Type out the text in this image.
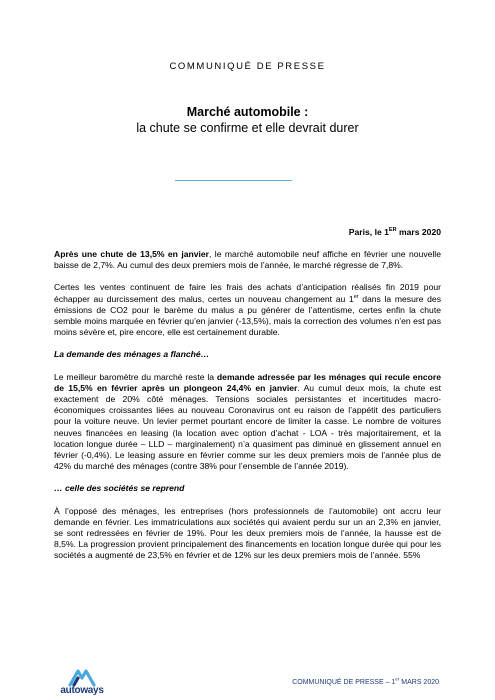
COMMUNIQUÉ DE PRESSE
Marché automobile :
la chute se confirme et elle devrait durer
Paris, le 1ER mars 2020

Après une chute de 13,5% en janvier, le marché automobile neuf affiche en février une nouvelle baisse de 2,7%. Au cumul des deux premiers mois de l’année, le marché régresse de 7,8%.

Certes les ventes continuent de faire les frais des achats d’anticipation réalisés fin 2019 pour échapper au durcissement des malus, certes un nouveau changement au 1er dans la mesure des émissions de CO2 pour le barème du malus a pu générer de l’attentisme, certes enfin la chute semble moins marquée en février qu’en janvier (-13,5%), mais la correction des volumes n’en est pas moins sévère et, pire encore, elle est certainement durable.

La demande des ménages a flanché…

Le meilleur baromètre du marché reste la demande adressée par les ménages qui recule encore de 15,5% en février après un plongeon 24,4% en janvier. Au cumul deux mois, la chute est exactement de 20% côté ménages. Tensions sociales persistantes et incertitudes macro-économiques croissantes liées au nouveau Coronavirus ont eu raison de l’appétit des particuliers pour la voiture neuve. Un levier permet pourtant encore de limiter la casse. Le nombre de voitures neuves financées en leasing (la location avec option d’achat - LOA - très majoritairement, et la location longue durée – LLD – marginalement) n’a quasiment pas diminué en glissement annuel en février (-0,4%). Le leasing assure en février comme sur les deux premiers mois de l’année plus de 42% du marché des ménages (contre 38% pour l’ensemble de l’année 2019).

… celle des sociétés se reprend

À l’opposé des ménages, les entreprises (hors professionnels de l’automobile) ont accru leur demande en février. Les immatriculations aux sociétés qui avaient perdu sur un an 2,3% en janvier, se sont redressées en février de 19%. Pour les deux premiers mois de l’année, la hausse est de 8,5%. La progression provient principalement des financements en location longue durée qui pour les sociétés a augmenté de 23,5% en février et de 12% sur les deux premiers mois de l’année. 55%

autoways
COMMUNIQUÉ DE PRESSE – 1er MARS 2020
